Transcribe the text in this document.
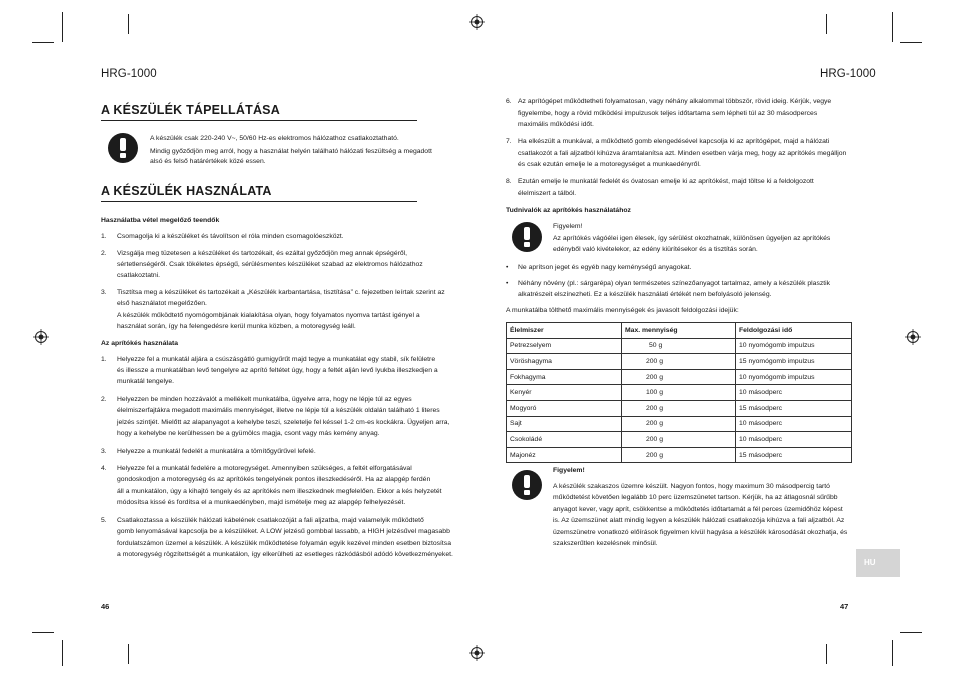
HRG-1000
A KÉSZÜLÉK TÁPELLÁTÁSA
A készülék csak 220-240 V~, 50/60 Hz-es elektromos hálózathoz csatlakoztatható.
Mindig győződjön meg arról, hogy a használat helyén található hálózati feszültség a megadott
alsó és felső határértékek közé essen.
A KÉSZÜLÉK HASZNÁLATA
Használatba vétel megelőző teendők
1. Csomagolja ki a készüléket és távolítson el róla minden csomagolóeszközt.
2. Vizsgálja meg tüzetesen a készüléket és tartozékait, és ezáltal győződjön meg annak épségéről,
sértetlenségéről. Csak tökéletes épségű, sérülésmentes készüléket szabad az elektromos hálózathoz
csatlakoztatni.
3. Tisztítsa meg a készüléket és tartozékait a „Készülék karbantartása, tisztítása” c. fejezetben leírtak szerint az
első használatot megelőzően.
A készülék működtető nyomógombjának kialakítása olyan, hogy folyamatos nyomva tartást igényel a
használat során, így ha felengedésre kerül munka közben, a motoregység leáll.
Az aprítókés használata
1. Helyezze fel a munkatál aljára a csúszásgátló gumigyűrűt majd tegye a munkatálat egy stabil, sík felületre
és illessze a munkatálban levő tengelyre az aprító feltétet úgy, hogy a feltét alján levő lyukba illeszkedjen a
munkatál tengelye.
2. Helyezzen be minden hozzávalót a mellékelt munkatálba, ügyelve arra, hogy ne lépje túl az egyes
élelmiszerfajtákra megadott maximális mennyiséget, illetve ne lépje túl a készülék oldalán található 1 literes
jelzés szintjét. Mielőtt az alapanyagot a kehelybe teszi, szeletelje fel késsel 1-2 cm-es kockákra. Ügyeljen arra,
hogy a kehelybe ne kerülhessen be a gyümölcs magja, csont vagy más kemény anyag.
3. Helyezze a munkatál fedelét a munkatálra a tömítőgyűrűvel lefelé.
4. Helyezze fel a munkatál fedelére a motoregységet. Amennyiben szükséges, a feltét elforgatásával
gondoskodjon a motoregység és az aprítókés tengelyének pontos illeszkedéséről. Ha az alapgép ferdén
áll a munkatálon, úgy a kihajtó tengely és az aprítókés nem illeszkednek megfelelően. Ekkor a kés helyzetét
módosítsa kissé és fordítsa el a munkaedényben, majd ismételje meg az alapgép felhelyezését.
5. Csatlakoztassa a készülék hálózati kábelének csatlakozóját a fali aljzatba, majd valamelyik működtető
gomb lenyomásával kapcsolja be a készüléket. A LOW jelzésű gombbal lassabb, a HIGH jelzésűvel magasabb
fordulatszámon üzemel a készülék. A készülék működtetése folyamán egyik kezével minden esetben biztosítsa
a motoregység rögzítettségét a munkatálon, így elkerülheti az esetleges rázkódásból adódó következményeket.
46
HRG-1000
6. Az aprítógépet működtetheti folyamatosan, vagy néhány alkalommal többször, rövid ideig. Kérjük, vegye
figyelembe, hogy a rövid működési impulzusok teljes időtartama sem lépheti túl az 30 másodperces
maximális működési időt.
7. Ha elkészült a munkával, a működtető gomb elengedésével kapcsolja ki az aprítógépet, majd a hálózati
csatlakozót a fali aljzatból kihúzva áramtalanítsa azt. Minden esetben várja meg, hogy az aprítókés megálljon
és csak ezután emelje le a motoregységet a munkaedényről.
8. Ezután emelje le munkatál fedelét és óvatosan emelje ki az aprítókést, majd töltse ki a feldolgozott
élelmiszert a tálból.
Tudnivalók az aprítókés használatához
Figyelem!
Az aprítókés vágóélei igen élesek, így sérülést okozhatnak, különösen ügyeljen az aprítókés
edényből való kivételekor, az edény kiürítésekor és a tisztítás során.
• Ne aprítson jeget és egyéb nagy keménységű anyagokat.
• Néhány növény (pl.: sárgarépa) olyan természetes színezőanyagot tartalmaz, amely a készülék plasztik
alkatrészeit elszínezheti. Ez a készülék használati értékét nem befolyásoló jelenség.
A munkatálba tölthető maximális mennyiségek és javasolt feldolgozási idejük:
Élelmiszer	Max. mennyiség	Feldolgozási idő
Petrezselyem	50 g	10 nyomógomb impulzus
Vöröshagyma	200 g	15 nyomógomb impulzus
Fokhagyma	200 g	10 nyomógomb impulzus
Kenyér	100 g	10 másodperc
Mogyoró	200 g	15 másodperc
Sajt	200 g	10 másodperc
Csokoládé	200 g	10 másodperc
Majonéz	200 g	15 másodperc
Figyelem!
A készülék szakaszos üzemre készült. Nagyon fontos, hogy maximum 30 másodpercig tartó
működtetést követően legalább 10 perc üzemszünetet tartson. Kérjük, ha az átlagosnál sűrűbb
anyagot kever, vagy aprít, csökkentse a működtetés időtartamát a fél perces üzemidőhöz képest
is. Az üzemszünet alatt mindig legyen a készülék hálózati csatlakozója kihúzva a fali aljzatból. Az
üzemszünetre vonatkozó előírások figyelmen kívül hagyása a készülék károsodását okozhatja, és
szakszerűtlen kezelésnek minősül.
HU
47
